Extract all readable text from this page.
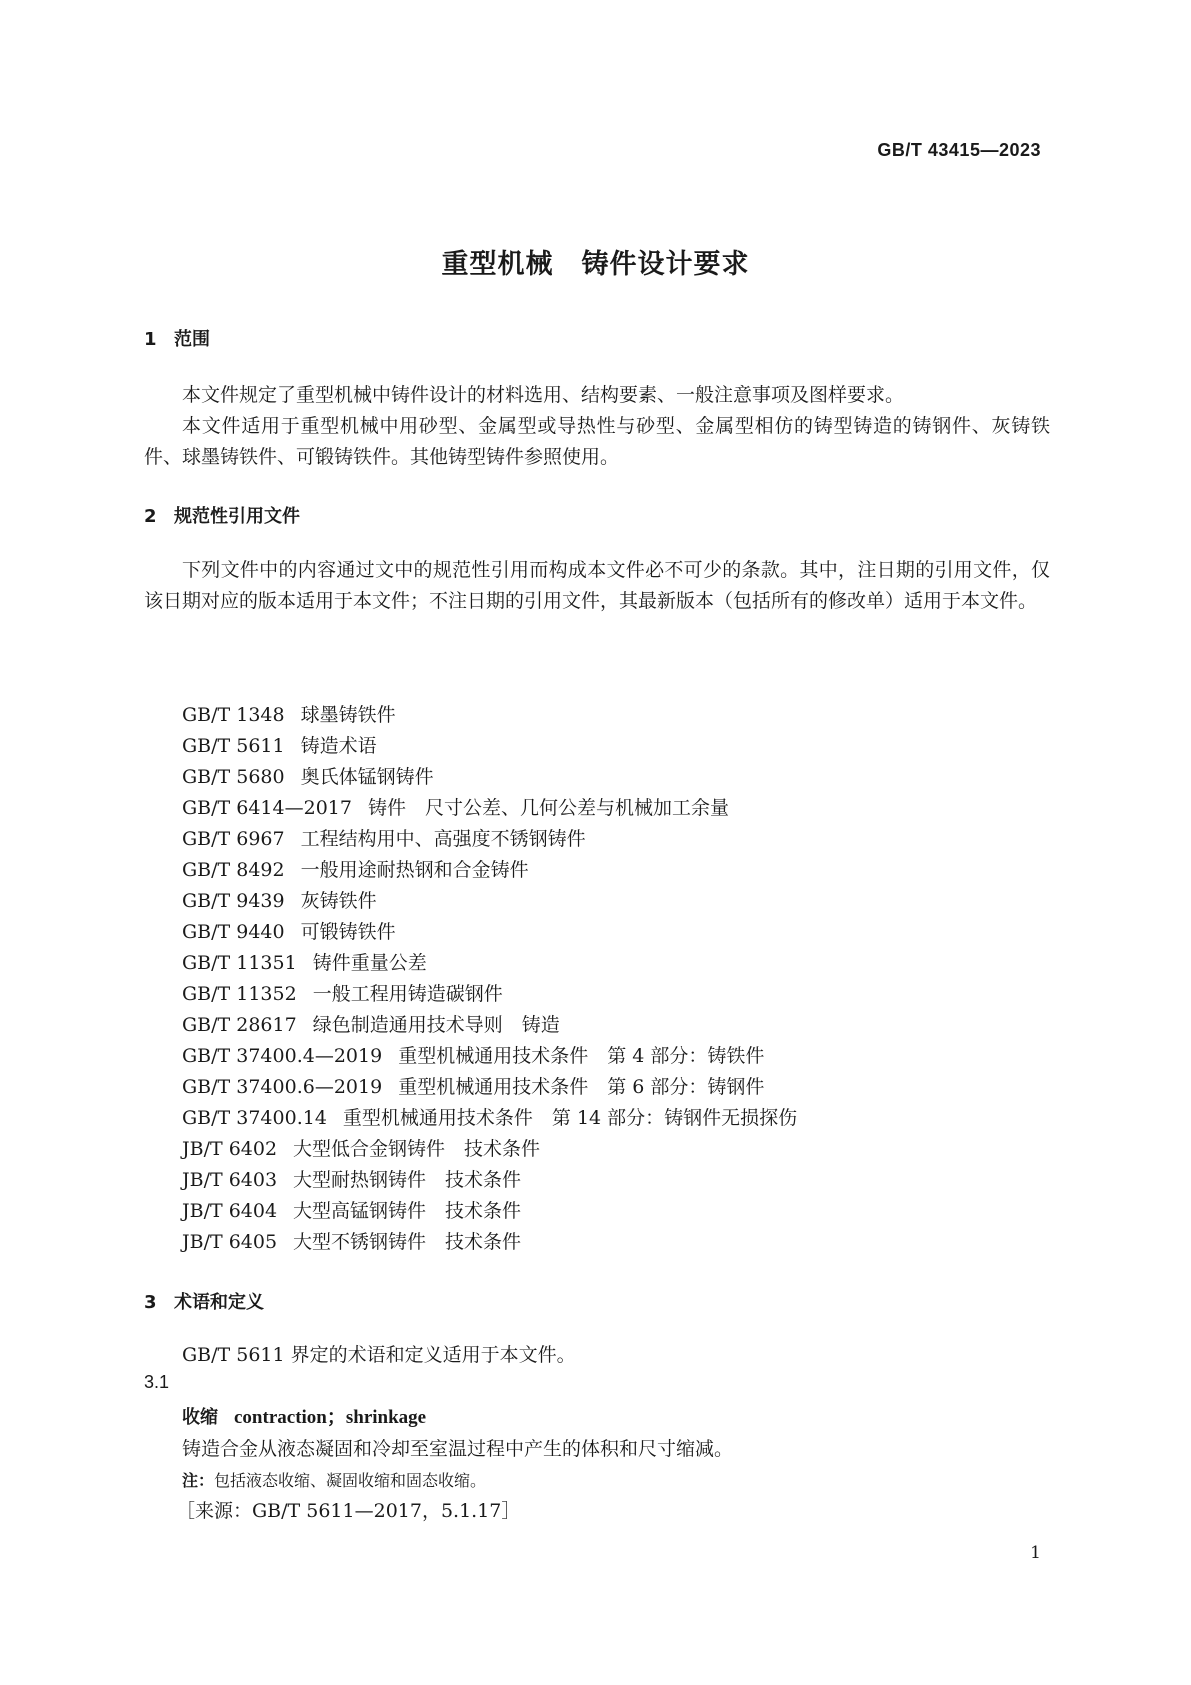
GB/T 43415—2023
重型机械　铸件设计要求
1 范围

本文件规定了重型机械中铸件设计的材料选用、结构要素、一般注意事项及图样要求。

本文件适用于重型机械中用砂型、金属型或导热性与砂型、金属型相仿的铸型铸造的铸钢件、灰铸铁件、球墨铸铁件、可锻铸铁件。其他铸型铸件参照使用。

2 规范性引用文件

下列文件中的内容通过文中的规范性引用而构成本文件必不可少的条款。其中，注日期的引用文件，仅该日期对应的版本适用于本文件；不注日期的引用文件，其最新版本（包括所有的修改单）适用于本文件。

GB/T 1348 球墨铸铁件
GB/T 5611 铸造术语
GB/T 5680 奥氏体锰钢铸件
GB/T 6414—2017 铸件　尺寸公差、几何公差与机械加工余量
GB/T 6967 工程结构用中、高强度不锈钢铸件
GB/T 8492 一般用途耐热钢和合金铸件
GB/T 9439 灰铸铁件
GB/T 9440 可锻铸铁件
GB/T 11351 铸件重量公差
GB/T 11352 一般工程用铸造碳钢件
GB/T 28617 绿色制造通用技术导则　铸造
GB/T 37400.4—2019 重型机械通用技术条件　第 4 部分：铸铁件
GB/T 37400.6—2019 重型机械通用技术条件　第 6 部分：铸钢件
GB/T 37400.14 重型机械通用技术条件　第 14 部分：铸钢件无损探伤
JB/T 6402 大型低合金钢铸件　技术条件
JB/T 6403 大型耐热钢铸件　技术条件
JB/T 6404 大型高锰钢铸件　技术条件
JB/T 6405 大型不锈钢铸件　技术条件
3 术语和定义
GB/T 5611 界定的术语和定义适用于本文件。
3.1
收缩 contraction；shrinkage
铸造合金从液态凝固和冷却至室温过程中产生的体积和尺寸缩减。
注：包括液态收缩、凝固收缩和固态收缩。
［来源：GB/T 5611—2017，5.1.17］
1
